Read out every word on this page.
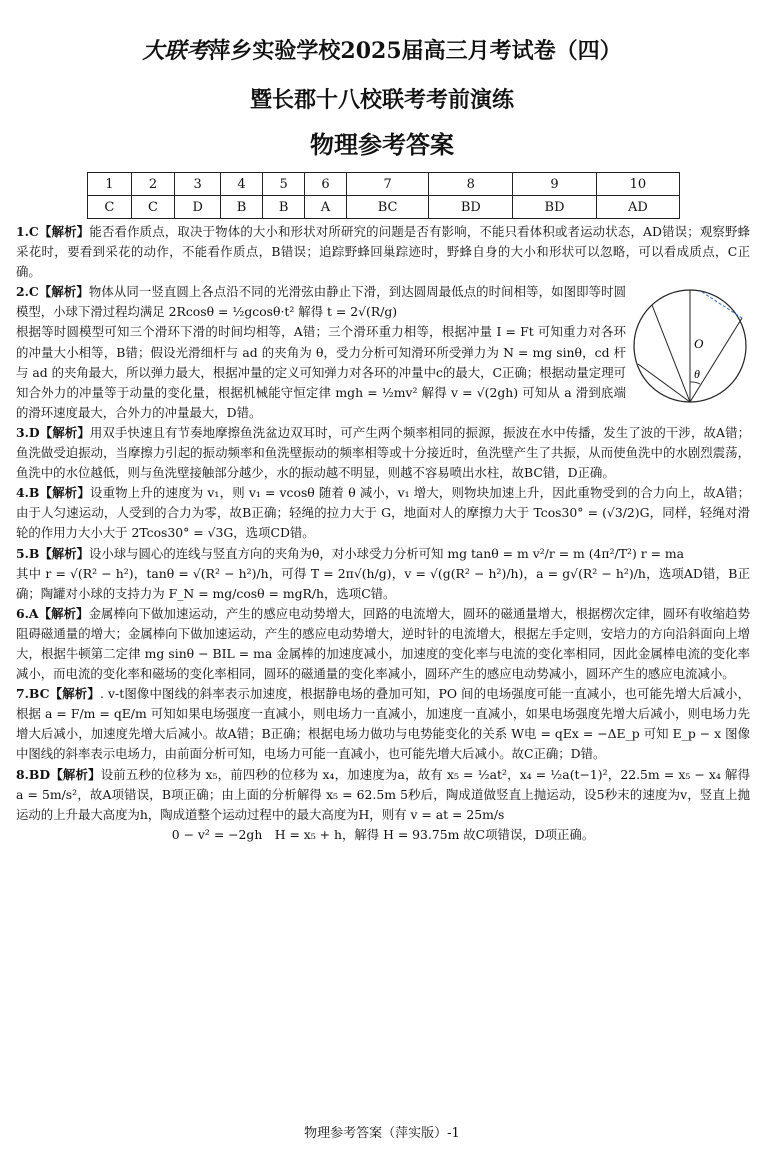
大联考萍乡实验学校2025届高三月考试卷（四）
暨长郡十八校联考考前演练
物理参考答案
1	2	3	4	5	6	7	8	9	10
C	C	D	B	B	A	BC	BD	BD	AD

1.C【解析】能否看作质点，取决于物体的大小和形状对所研究的问题是否有影响，不能只看体积或者运动状态，AD错误；观察野蜂采花时，要看到采花的动作，不能看作质点，B错误；追踪野蜂回巢踪迹时，野蜂自身的大小和形状可以忽略，可以看成质点，C正确。

2.C【解析】物体从同一竖直圆上各点沿不同的光滑弦由静止下滑，到达圆周最低点的时间相等，如图即等时圆模型，小球下滑过程均满足 2Rcosθ = ½gcosθ·t² 解得 t = 2√(R/g)

根据等时圆模型可知三个滑环下滑的时间均相等，A错；三个滑环重力相等，根据冲量 I = Ft 可知重力对各环的冲量大小相等，B错；假设光滑细杆与 ad 的夹角为 θ，受力分析可知滑环所受弹力为 N = mg sinθ，cd 杆与 ad 的夹角最大，所以弹力最大，根据冲量的定义可知弹力对各环的冲量中c的最大，C正确；根据动量定理可知合外力的冲量等于动量的变化量，根据机械能守恒定律 mgh = ½mv² 解得 v = √(2gh) 可知从 a 滑到底端的滑环速度最大，合外力的冲量最大，D错。

3.D【解析】用双手快速且有节奏地摩擦鱼洗盆边双耳时，可产生两个频率相同的振源，振波在水中传播，发生了波的干涉，故A错；鱼洗做受迫振动，当摩擦力引起的振动频率和鱼洗壁振动的频率相等或十分接近时，鱼洗壁产生了共振，从而使鱼洗中的水剧烈震荡，鱼洗中的水位越低，则与鱼洗壁接触部分越少，水的振动越不明显，则越不容易喷出水柱，故BC错，D正确。

4.B【解析】设重物上升的速度为 v₁，则 v₁ = vcosθ 随着 θ 减小，v₁ 增大，则物块加速上升，因此重物受到的合力向上，故A错；由于人匀速运动，人受到的合力为零，故B正确；轻绳的拉力大于 G，地面对人的摩擦力大于 Tcos30° = (√3/2)G，同样，轻绳对滑轮的作用力大小大于 2Tcos30° = √3G，选项CD错。

5.B【解析】设小球与圆心的连线与竖直方向的夹角为θ，对小球受力分析可知 mg tanθ = m v²/r = m (4π²/T²) r = ma

其中 r = √(R² − h²)，tanθ = √(R² − h²)/h，可得 T = 2π√(h/g)，v = √(g(R² − h²)/h)，a = g√(R² − h²)/h，选项AD错，B正确；陶罐对小球的支持力为 F_N = mg/cosθ = mgR/h，选项C错。

6.A【解析】金属棒向下做加速运动，产生的感应电动势增大，回路的电流增大，圆环的磁通量增大，根据楞次定律，圆环有收缩趋势阻碍磁通量的增大；金属棒向下做加速运动，产生的感应电动势增大，逆时针的电流增大，根据左手定则，安培力的方向沿斜面向上增大，根据牛顿第二定律 mg sinθ − BIL = ma 金属棒的加速度减小，加速度的变化率与电流的变化率相同，因此金属棒电流的变化率减小，而电流的变化率和磁场的变化率相同，圆环的磁通量的变化率减小，圆环产生的感应电动势减小，圆环产生的感应电流减小。

7.BC【解析】. v-t图像中图线的斜率表示加速度，根据静电场的叠加可知，PO 间的电场强度可能一直减小，也可能先增大后减小，根据 a = F/m = qE/m 可知如果电场强度一直减小，则电场力一直减小，加速度一直减小，如果电场强度先增大后减小，则电场力先增大后减小，加速度先增大后减小。故A错；B正确；根据电场力做功与电势能变化的关系 W电 = qEx = −ΔE_p 可知 E_p − x 图像中图线的斜率表示电场力，由前面分析可知，电场力可能一直减小，也可能先增大后减小。故C正确；D错。

8.BD【解析】设前五秒的位移为 x₅，前四秒的位移为 x₄，加速度为a，故有 x₅ = ½at²，x₄ = ½a(t−1)²，22.5m = x₅ − x₄ 解得 a = 5m/s²，故A项错误，B项正确；由上面的分析解得 x₅ = 62.5m 5秒后，陶成道做竖直上抛运动，设5秒末的速度为v，竖直上抛运动的上升最大高度为h，陶成道整个运动过程中的最大高度为H，则有 v = at = 25m/s

0 − v² = −2gh　H = x₅ + h，解得 H = 93.75m 故C项错误，D项正确。

O
θ
物理参考答案（萍实版）-1
